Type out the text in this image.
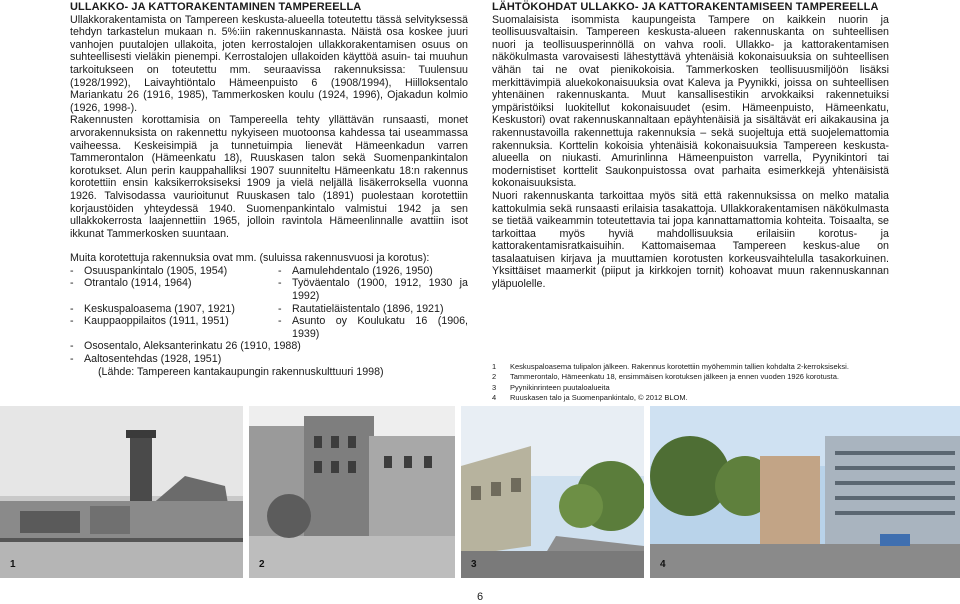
ULLAKKO- JA KATTORAKENTAMINEN TAMPEREELLA

Ullakkorakentamista on Tampereen keskusta-alueella toteutettu tässä selvityksessä tehdyn tarkastelun mukaan n. 5%:iin rakennuskannasta. Näistä osa koskee juuri vanhojen puutalojen ullakoita, joten kerrostalojen ullakkorakentamisen osuus on suhteellisesti vieläkin pienempi. Kerrostalojen ullakoiden käyttöä asuin- tai muuhun tarkoitukseen on toteutettu mm. seuraavissa rakennuksissa: Tuulensuu (1928/1992), Laivayhtiöntalo Hämeenpuisto 6 (1908/1994), Hiilloksentalo Mariankatu 26 (1916, 1985), Tammerkosken koulu (1924, 1996), Ojakadun kolmio (1926, 1998-).

Rakennusten korottamisia on Tampereella tehty yllättävän runsaasti, monet arvorakennuksista on rakennettu nykyiseen muotoonsa kahdessa tai useammassa vaiheessa. Keskeisimpiä ja tunnetuimpia lienevät Hämeenkadun varren Tammerontalon (Hämeenkatu 18), Ruuskasen talon sekä Suomenpankintalon korotukset. Alun perin kauppahalliksi 1907 suunniteltu Hämeenkatu 18:n rakennus korotettiin ensin kaksikerroksiseksi 1909 ja vielä neljällä lisäkerroksella vuonna 1926. Talvisodassa vaurioitunut Ruuskasen talo (1891) puolestaan korotettiin korjaustöiden yhteydessä 1940. Suomenpankintalo valmistui 1942 ja sen ullakkokerrosta laajennettiin 1965, jolloin ravintola Hämeenlinnalle avattiin isot ikkunat Tammerkosken suuntaan.

Muita korotettuja rakennuksia ovat mm. (suluissa rakennusvuosi ja korotus):

- Osuuspankintalo (1905, 1954)	- Aamulehdentalo (1926, 1950)
- Otrantalo (1914, 1964)	- Työväentalo (1900, 1912, 1930 ja 1992)
- Keskuspaloasema (1907, 1921)	- Rautatieläistentalo (1896, 1921)
- Kauppaoppilaitos (1911, 1951)	- Asunto oy Koulukatu 16 (1906, 1939)
- Ososentalo, Aleksanterinkatu 26 (1910, 1988)
- Aaltosentehdas (1928, 1951)

(Lähde: Tampereen kantakaupungin rakennuskulttuuri 1998)

LÄHTÖKOHDAT ULLAKKO- JA KATTORAKENTAMISEEN TAMPEREELLA

Suomalaisista isommista kaupungeista Tampere on kaikkein nuorin ja teollisuusvaltaisin. Tampereen keskusta-alueen rakennuskanta on suhteellisen nuori ja teollisuusperinnöllä on vahva rooli. Ullakko- ja kattorakentamisen näkökulmasta varovaisesti lähestyttävä yhtenäisiä kokonaisuuksia on suhteellisen vähän tai ne ovat pienikokoisia. Tammerkosken teollisuusmiljöön lisäksi merkittävimpiä aluekokonaisuuksia ovat Kaleva ja Pyynikki, joissa on suhteellisen yhtenäinen rakennuskanta. Muut kansallisestikin arvokkaiksi rakennetuiksi ympäristöiksi luokitellut kokonaisuudet (esim. Hämeenpuisto, Hämeenkatu, Keskustori) ovat rakennuskannaltaan epäyhtenäisiä ja sisältävät eri aikakausina ja rakennustavoilla rakennettuja rakennuksia – sekä suojeltuja että suojelemattomia rakennuksia. Korttelin kokoisia yhtenäisiä kokonaisuuksia Tampereen keskusta-alueella on niukasti. Amurinlinna Hämeenpuiston varrella, Pyynikintori tai modernistiset korttelit Saukonpuistossa ovat parhaita esimerkkejä yhtenäisistä kokonaisuuksista.

Nuori rakennuskanta tarkoittaa myös sitä että rakennuksissa on melko matalia kattokulmia sekä runsaasti erilaisia tasakattoja. Ullakkorakentamisen näkökulmasta se tietää vaikeammin toteutettavia tai jopa kannattamattomia kohteita. Toisaalta, se tarkoittaa myös hyviä mahdollisuuksia erilaisiin korotus- ja kattorakentamisratkaisuihin. Kattomaisemaa Tampereen keskus-alue on tasalaatuisen kirjava ja muuttamien korotusten korkeusvaihtelulla tasakorkuinen. Yksittäiset maamerkit (piiput ja kirkkojen tornit) kohoavat muun rakennuskannan yläpuolelle.

1	Keskuspaloasema tulipalon jälkeen. Rakennus korotettiin myöhemmin tallien kohdalta 2-kerroksiseksi.
2	Tammerontalo, Hämeenkatu 18, ensimmäisen korotuksen jälkeen ja ennen vuoden 1926 korotusta.
3	Pyynikinrinteen puutaloalueita
4	Ruuskasen talo ja Suomenpankintalo, © 2012 BLOM.
1	2	3	4
6
